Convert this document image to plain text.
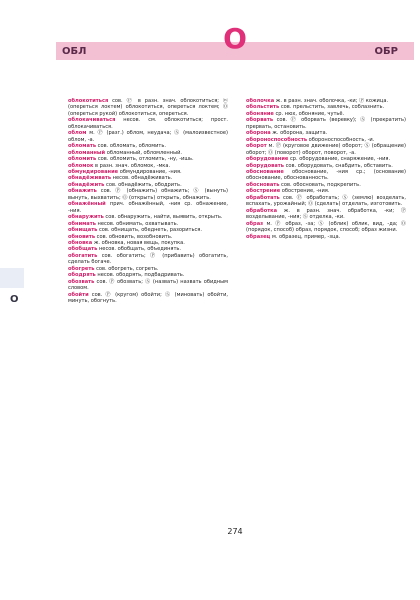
О
ОБЛ	О	ОБР

облокотиться сов. Ⓟ в разн. знач. облокотиться; ⓝ (опереться локтем) облокотиться, опереться локтем; Ⓞ (опереться рукой) облокотиться, опереться.

облокачиваться несов. см. облокотиться; прост. облокачиваться.

облом м. Ⓟ (разг.) облом, неудача; Ⓢ (малоизвестное) облом, -а.

обломать сов. обломать, обломить.

обломанный обломанный, обломленный.

обломить сов. обломить, отломить, -ну, -ишь.

обломок в разн. знач. обломок, -мка.

обмундирование обмундирование, -ния.

обнадёживать несов. обнадёживать.

обнадёжить сов. обнадёжить, ободрить.

обнажить сов. Ⓟ (обнажить) обнажить; Ⓢ (вынуть) вынуть, выхватить; Ⓞ (открыть) открыть, обнажить.

обнажённый прич. обнажённый, -ния ср. обнажение, -ния.

обнаружить сов. обнаружить, найти, выявить, открыть.

обнимать несов. обнимать, охватывать.

обнищать сов. обнищать, обеднеть, разориться.

обновить сов. обновить, возобновить.

обновка ж. обновка, новая вещь, покупка.

обобщать несов. обобщать, объединять.

обогатить сов. обогатить; Ⓟ (прибавить) обогатить, сделать богаче.

обогреть сов. обогреть, согреть.

ободрять несов. ободрять, подбадривать.

обозвать сов. Ⓟ обозвать; Ⓢ (назвать) назвать обидным словом.

обойти сов. Ⓟ (кругом) обойти; Ⓢ (миновать) обойти, минуть, обогнуть.

оболочка ж. в разн. знач. оболочка, -ки; Ⓟ кожица.

обольстить сов. прельстить, завлечь, соблазнить.

обоняние ср. нюх, обоняние, чутьё.

оборвать сов. Ⓟ оборвать (веревку); Ⓢ (прекратить) прервать, остановить.

оборона ж. оборона, защита.

обороноспособность обороноспособность, -и.

оборот м. Ⓟ (круговое движение) оборот; Ⓢ (обращение) оборот; Ⓞ (поворот) оборот, поворот, -а.

оборудование ср. оборудование, снаряжение, -ния.

оборудовать сов. оборудовать, снабдить, обставить.

обоснование обоснование, -ния ср.; (основание) обоснование, обоснованность.

обосновать сов. обосновать, подкрепить.

обострение обострение, -ния.

обработать сов. Ⓟ обработать; Ⓢ (землю) возделать, вспахать, урожайный; Ⓞ (сделать) отделать, изготовить.

обработка ж. в разн. знач. обработка, -ки; Ⓟ возделывание, -ния; Ⓢ отделка, -ки.

образ м. Ⓟ образ, -за; Ⓢ (облик) облик, вид, -да; Ⓞ (порядок, способ) образ, порядок, способ; образ жизни.

образец м. образец, пример, -зца.

274
